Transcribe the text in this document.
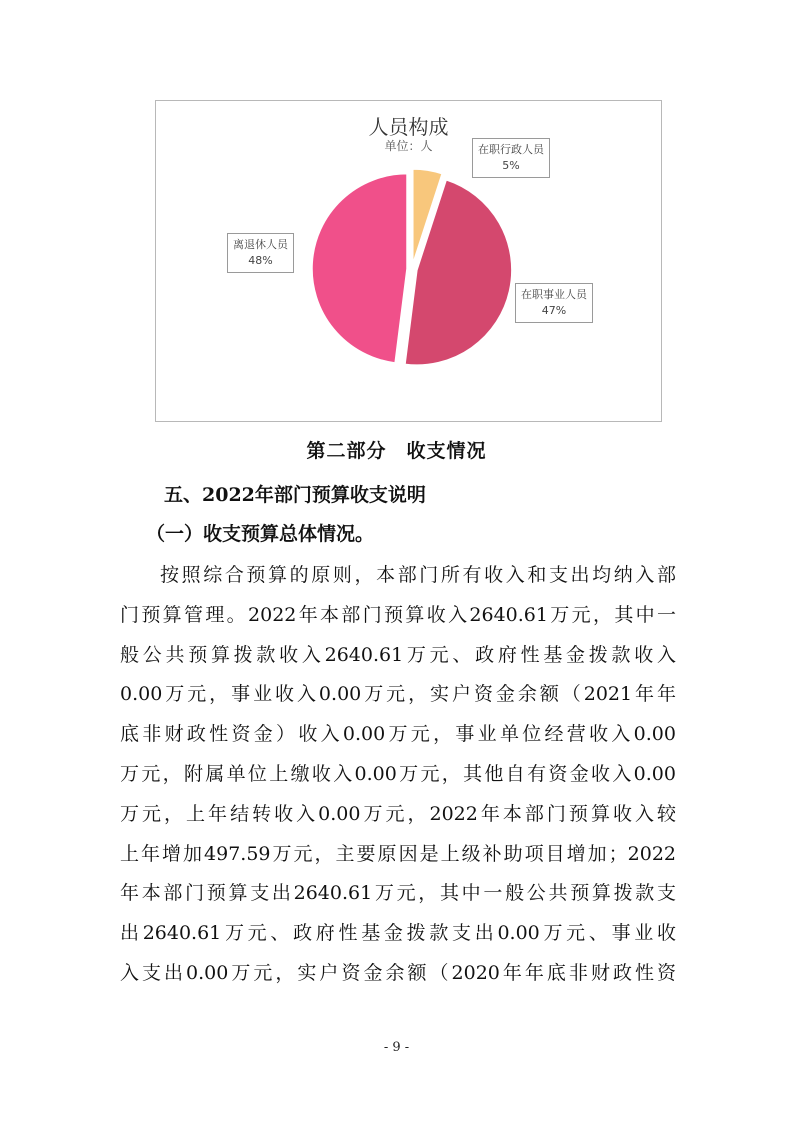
人员构成
单位：人	在职行政人员
5%
在职事业人员
47%
离退休人员
48%
第二部分　收支情况
五、2022年部门预算收支说明
（一）收支预算总体情况。
按照综合预算的原则，本部门所有收入和支出均纳入部
门预算管理。2022年本部门预算收入2640.61万元，其中一
般公共预算拨款收入2640.61万元、政府性基金拨款收入
0.00万元，事业收入0.00万元，实户资金余额（2021年年
底非财政性资金）收入0.00万元，事业单位经营收入0.00
万元，附属单位上缴收入0.00万元，其他自有资金收入0.00
万元，上年结转收入0.00万元，2022年本部门预算收入较
上年增加497.59万元，主要原因是上级补助项目增加；2022
年本部门预算支出2640.61万元，其中一般公共预算拨款支
出2640.61万元、政府性基金拨款支出0.00万元、事业收
入支出0.00万元，实户资金余额（2020年年底非财政性资
- 9 -
